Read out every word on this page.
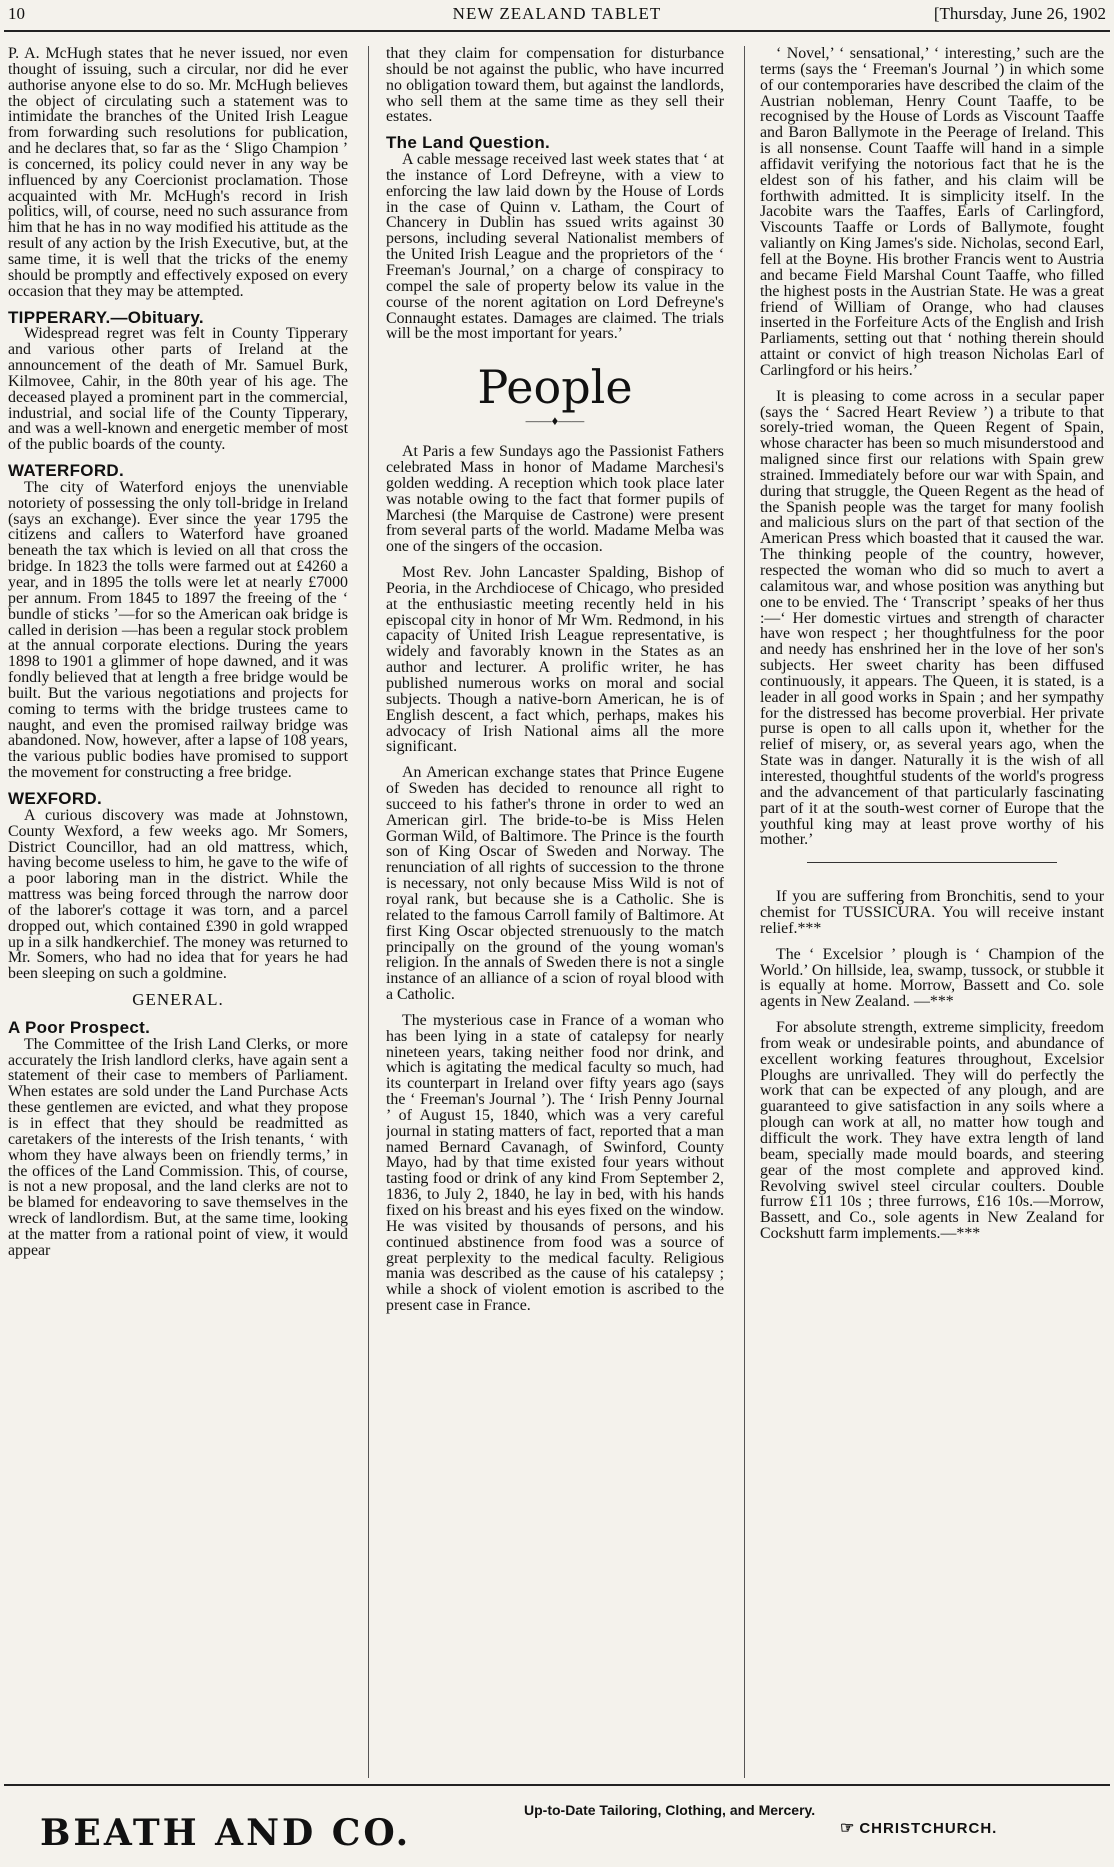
10	NEW ZEALAND TABLET	[Thursday, June 26, 1902

P. A. McHugh states that he never issued, nor even thought of issuing, such a circular, nor did he ever authorise anyone else to do so. Mr. McHugh believes the object of circulating such a statement was to intimidate the branches of the United Irish League from forwarding such resolutions for publication, and he declares that, so far as the ‘ Sligo Champion ’ is concerned, its policy could never in any way be influenced by any Coercionist proclamation. Those acquainted with Mr. McHugh's record in Irish politics, will, of course, need no such assurance from him that he has in no way modified his attitude as the result of any action by the Irish Executive, but, at the same time, it is well that the tricks of the enemy should be promptly and effectively exposed on every occasion that they may be attempted.

TIPPERARY.—Obituary.

Widespread regret was felt in County Tipperary and various other parts of Ireland at the announcement of the death of Mr. Samuel Burk, Kilmovee, Cahir, in the 80th year of his age. The deceased played a prominent part in the commercial, industrial, and social life of the County Tipperary, and was a well-known and energetic member of most of the public boards of the county.

WATERFORD.

The city of Waterford enjoys the unenviable notoriety of possessing the only toll-bridge in Ireland (says an exchange). Ever since the year 1795 the citizens and callers to Waterford have groaned beneath the tax which is levied on all that cross the bridge. In 1823 the tolls were farmed out at £4260 a year, and in 1895 the tolls were let at nearly £7000 per annum. From 1845 to 1897 the freeing of the ‘ bundle of sticks ’—for so the American oak bridge is called in derision —has been a regular stock problem at the annual corporate elections. During the years 1898 to 1901 a glimmer of hope dawned, and it was fondly believed that at length a free bridge would be built. But the various negotiations and projects for coming to terms with the bridge trustees came to naught, and even the promised railway bridge was abandoned. Now, however, after a lapse of 108 years, the various public bodies have promised to support the movement for constructing a free bridge.

WEXFORD.

A curious discovery was made at Johnstown, County Wexford, a few weeks ago. Mr Somers, District Councillor, had an old mattress, which, having become useless to him, he gave to the wife of a poor laboring man in the district. While the mattress was being forced through the narrow door of the laborer's cottage it was torn, and a parcel dropped out, which contained £390 in gold wrapped up in a silk handkerchief. The money was returned to Mr. Somers, who had no idea that for years he had been sleeping on such a goldmine.

GENERAL.
A Poor Prospect.

The Committee of the Irish Land Clerks, or more accurately the Irish landlord clerks, have again sent a statement of their case to members of Parliament. When estates are sold under the Land Purchase Acts these gentlemen are evicted, and what they propose is in effect that they should be readmitted as caretakers of the interests of the Irish tenants, ‘ with whom they have always been on friendly terms,’ in the offices of the Land Commission. This, of course, is not a new proposal, and the land clerks are not to be blamed for endeavoring to save themselves in the wreck of landlordism. But, at the same time, looking at the matter from a rational point of view, it would appear

that they claim for compensation for disturbance should be not against the public, who have incurred no obligation toward them, but against the landlords, who sell them at the same time as they sell their estates.

The Land Question.

A cable message received last week states that ‘ at the instance of Lord Defreyne, with a view to enforcing the law laid down by the House of Lords in the case of Quinn v. Latham, the Court of Chancery in Dublin has ssued writs against 30 persons, including several Nationalist members of the United Irish League and the proprietors of the ‘ Freeman's Journal,’ on a charge of conspiracy to compel the sale of property below its value in the course of the norent agitation on Lord Defreyne's Connaught estates. Damages are claimed. The trials will be the most important for years.’

People
——♦——

At Paris a few Sundays ago the Passionist Fathers celebrated Mass in honor of Madame Marchesi's golden wedding. A reception which took place later was notable owing to the fact that former pupils of Marchesi (the Marquise de Castrone) were present from several parts of the world. Madame Melba was one of the singers of the occasion.

Most Rev. John Lancaster Spalding, Bishop of Peoria, in the Archdiocese of Chicago, who presided at the enthusiastic meeting recently held in his episcopal city in honor of Mr Wm. Redmond, in his capacity of United Irish League representative, is widely and favorably known in the States as an author and lecturer. A prolific writer, he has published numerous works on moral and social subjects. Though a native-born American, he is of English descent, a fact which, perhaps, makes his advocacy of Irish National aims all the more significant.

An American exchange states that Prince Eugene of Sweden has decided to renounce all right to succeed to his father's throne in order to wed an American girl. The bride-to-be is Miss Helen Gorman Wild, of Baltimore. The Prince is the fourth son of King Oscar of Sweden and Norway. The renunciation of all rights of succession to the throne is necessary, not only because Miss Wild is not of royal rank, but because she is a Catholic. She is related to the famous Carroll family of Baltimore. At first King Oscar objected strenuously to the match principally on the ground of the young woman's religion. In the annals of Sweden there is not a single instance of an alliance of a scion of royal blood with a Catholic.

The mysterious case in France of a woman who has been lying in a state of catalepsy for nearly nineteen years, taking neither food nor drink, and which is agitating the medical faculty so much, had its counterpart in Ireland over fifty years ago (says the ‘ Freeman's Journal ’). The ‘ Irish Penny Journal ’ of August 15, 1840, which was a very careful journal in stating matters of fact, reported that a man named Bernard Cavanagh, of Swinford, County Mayo, had by that time existed four years without tasting food or drink of any kind From September 2, 1836, to July 2, 1840, he lay in bed, with his hands fixed on his breast and his eyes fixed on the window. He was visited by thousands of persons, and his continued abstinence from food was a source of great perplexity to the medical faculty. Religious mania was described as the cause of his catalepsy ; while a shock of violent emotion is ascribed to the present case in France.

‘ Novel,’ ‘ sensational,’ ‘ interesting,’ such are the terms (says the ‘ Freeman's Journal ’) in which some of our contemporaries have described the claim of the Austrian nobleman, Henry Count Taaffe, to be recognised by the House of Lords as Viscount Taaffe and Baron Ballymote in the Peerage of Ireland. This is all nonsense. Count Taaffe will hand in a simple affidavit verifying the notorious fact that he is the eldest son of his father, and his claim will be forthwith admitted. It is simplicity itself. In the Jacobite wars the Taaffes, Earls of Carlingford, Viscounts Taaffe or Lords of Ballymote, fought valiantly on King James's side. Nicholas, second Earl, fell at the Boyne. His brother Francis went to Austria and became Field Marshal Count Taaffe, who filled the highest posts in the Austrian State. He was a great friend of William of Orange, who had clauses inserted in the Forfeiture Acts of the English and Irish Parliaments, setting out that ‘ nothing therein should attaint or convict of high treason Nicholas Earl of Carlingford or his heirs.’

It is pleasing to come across in a secular paper (says the ‘ Sacred Heart Review ’) a tribute to that sorely-tried woman, the Queen Regent of Spain, whose character has been so much misunderstood and maligned since first our relations with Spain grew strained. Immediately before our war with Spain, and during that struggle, the Queen Regent as the head of the Spanish people was the target for many foolish and malicious slurs on the part of that section of the American Press which boasted that it caused the war. The thinking people of the country, however, respected the woman who did so much to avert a calamitous war, and whose position was anything but one to be envied. The ‘ Transcript ’ speaks of her thus :—‘ Her domestic virtues and strength of character have won respect ; her thoughtfulness for the poor and needy has enshrined her in the love of her son's subjects. Her sweet charity has been diffused continuously, it appears. The Queen, it is stated, is a leader in all good works in Spain ; and her sympathy for the distressed has become proverbial. Her private purse is open to all calls upon it, whether for the relief of misery, or, as several years ago, when the State was in danger. Naturally it is the wish of all interested, thoughtful students of the world's progress and the advancement of that particularly fascinating part of it at the south-west corner of Europe that the youthful king may at least prove worthy of his mother.’

If you are suffering from Bronchitis, send to your chemist for TUSSICURA. You will receive instant relief.***

The ‘ Excelsior ’ plough is ‘ Champion of the World.’ On hillside, lea, swamp, tussock, or stubble it is equally at home. Morrow, Bassett and Co. sole agents in New Zealand. —***

For absolute strength, extreme simplicity, freedom from weak or undesirable points, and abundance of excellent working features throughout, Excelsior Ploughs are unrivalled. They will do perfectly the work that can be expected of any plough, and are guaranteed to give satisfaction in any soils where a plough can work at all, no matter how tough and difficult the work. They have extra length of land beam, specially made mould boards, and steering gear of the most complete and approved kind. Revolving swivel steel circular coulters. Double furrow £11 10s ; three furrows, £16 10s.—Morrow, Bassett, and Co., sole agents in New Zealand for Cockshutt farm implements.—***

BEATH AND CO.
Up-to-Date Tailoring, Clothing, and Mercery.
☞ CHRISTCHURCH.
